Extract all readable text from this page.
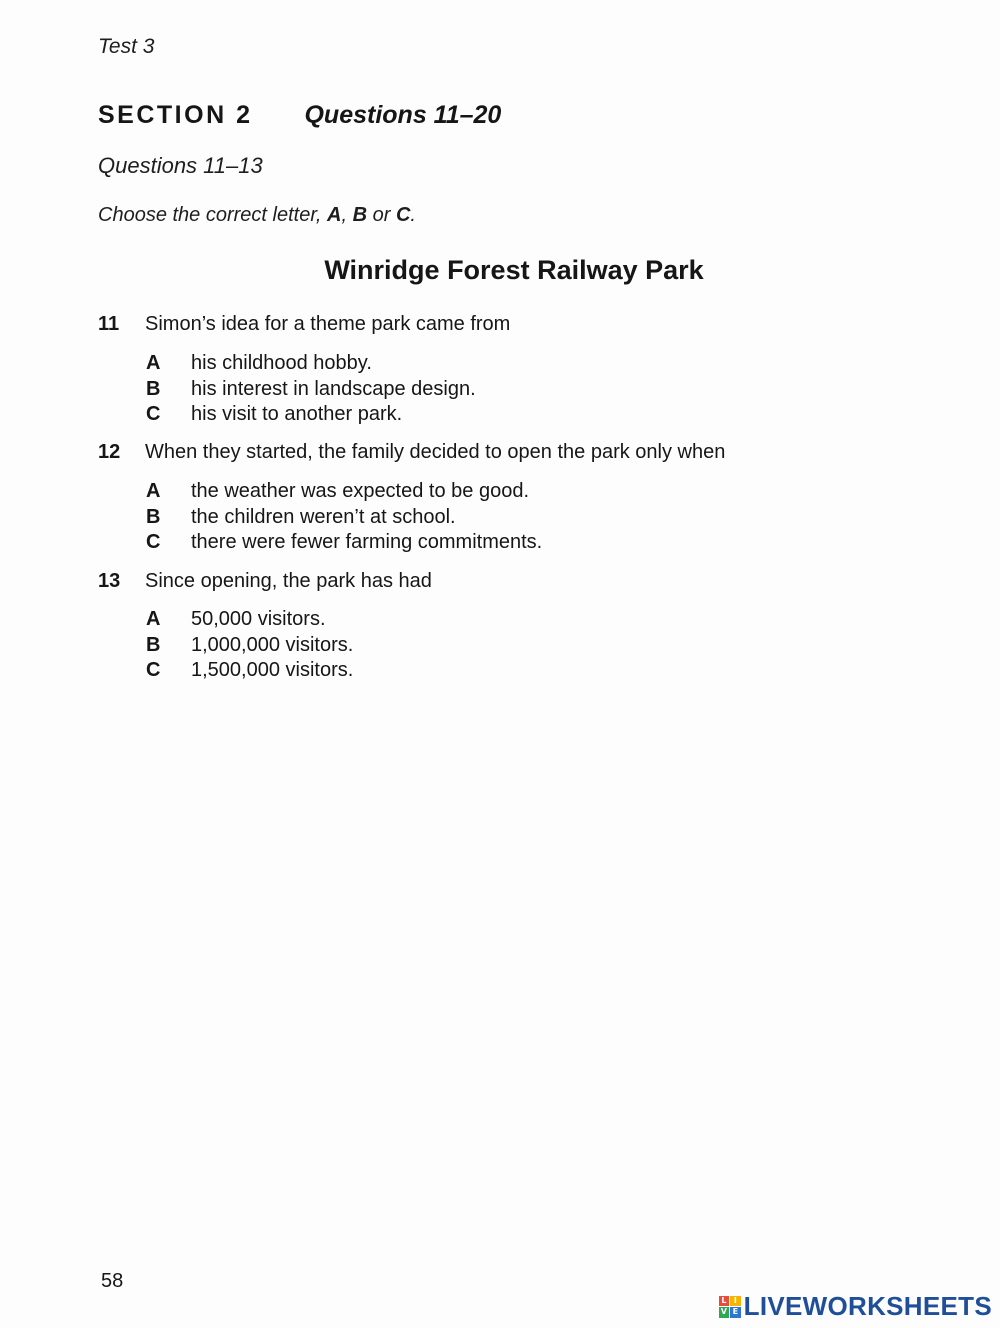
Test 3
SECTION 2 Questions 11–20
Questions 11–13
Choose the correct letter, A, B or C.
Winridge Forest Railway Park
11 Simon’s idea for a theme park came from
A his childhood hobby.
B his interest in landscape design.
C his visit to another park.
12 When they started, the family decided to open the park only when
A the weather was expected to be good.
B the children weren’t at school.
C there were fewer farming commitments.
13 Since opening, the park has had
A 50,000 visitors.
B 1,000,000 visitors.
C 1,500,000 visitors.
58
L I
V E LIVEWORKSHEETS
